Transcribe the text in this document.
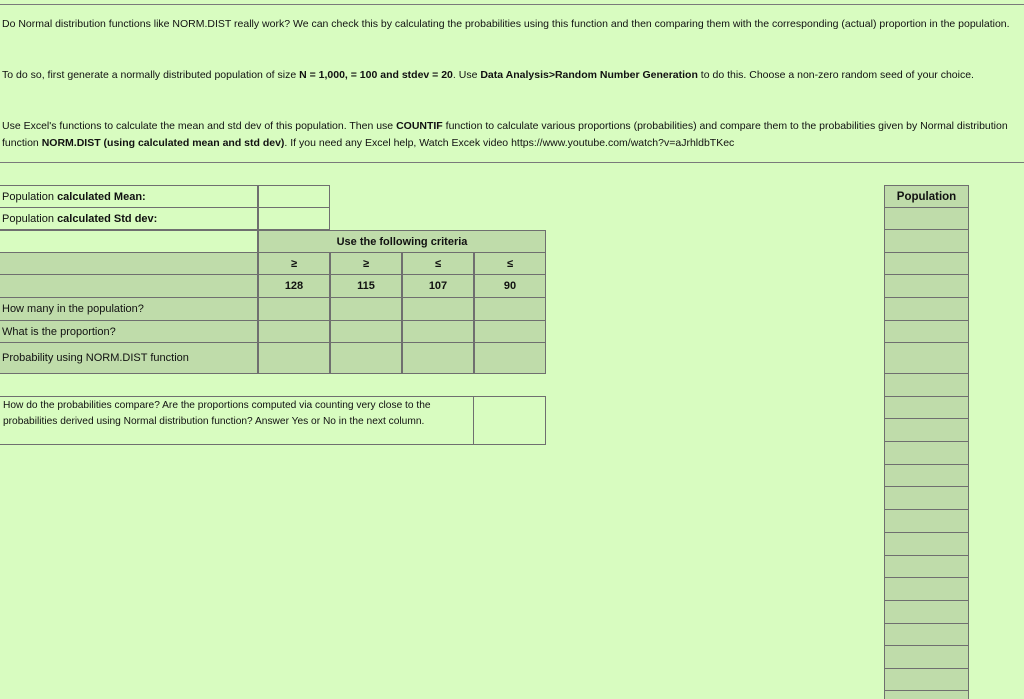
Do Normal distribution functions like NORM.DIST really work? We can check this by calculating the probabilities using this function and then comparing them with the corresponding (actual) proportion in the population.

To do so, first generate a normally distributed population of size N = 1,000, = 100 and stdev = 20. Use Data Analysis>Random Number Generation to do this. Choose a non-zero random seed of your choice.

Use Excel's functions to calculate the mean and std dev of this population. Then use COUNTIF function to calculate various proportions (probabilities) and compare them to the probabilities given by Normal distribution function NORM.DIST (using calculated mean and std dev). If you need any Excel help, Watch Excek video https://www.youtube.com/watch?v=aJrhldbTKec

Population
calculated Mean:
Population
calculated Std dev:
Use the following criteria
≥	≥	≤	≤
128	115	107	90
How many in the population?
What is the proportion?
Probability using NORM.DIST function
How do the probabilities compare? Are the proportions computed via counting very close to the probabilities derived using Normal distribution function? Answer Yes or No in the next column.
Population
